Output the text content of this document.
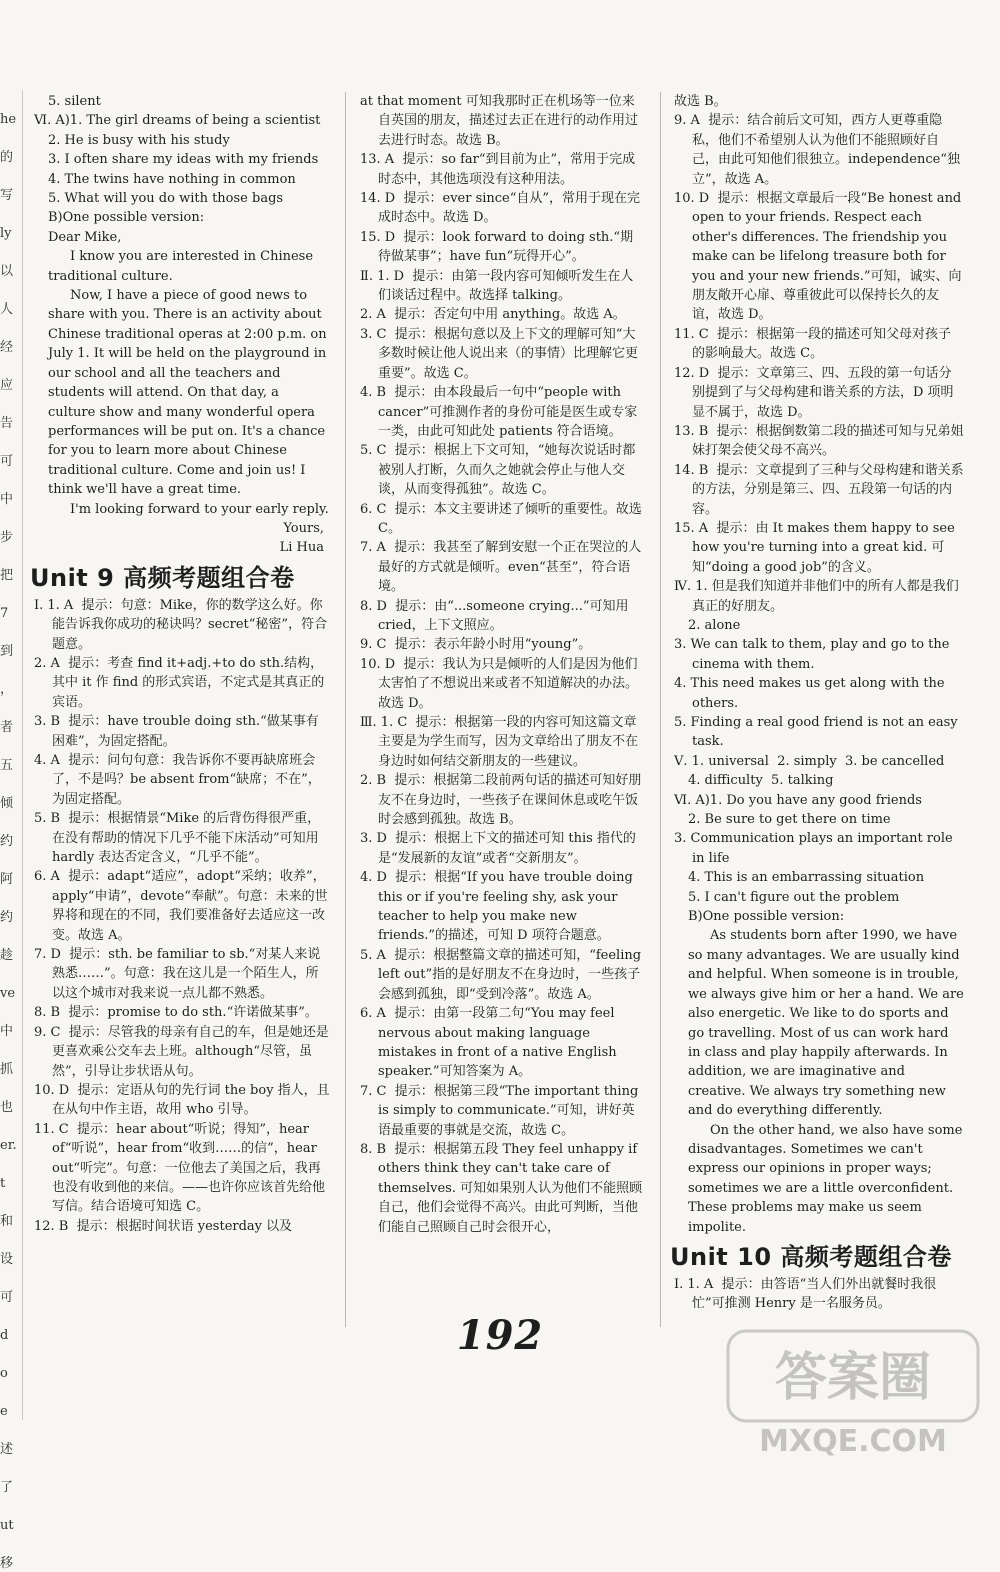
he
的
写
ly
以
人
经
应
告
可
中
步
把
7
到
，
者
五
倾
约
阿
约
趁
ve
中
抓
也
er.
t
和
设
可
d
o
e
述
了
ut
移

5. silent

Ⅵ. A)1. The girl dreams of being a scientist

2. He is busy with his study

3. I often share my ideas with my friends

4. The twins have nothing in common

5. What will you do with those bags

B)One possible version:

Dear Mike,

I know you are interested in Chinese traditional culture.

Now, I have a piece of good news to share with you. There is an activity about Chinese traditional operas at 2:00 p.m. on July 1. It will be held on the playground in our school and all the teachers and students will attend. On that day, a culture show and many wonderful opera performances will be put on. It's a chance for you to learn more about Chinese traditional culture. Come and join us! I think we'll have a great time.

I'm looking forward to your early reply.

Yours,

Li Hua

Unit 9 高频考题组合卷

Ⅰ. 1. A  提示：句意：Mike，你的数学这么好。你能告诉我你成功的秘诀吗？secret“秘密”，符合题意。

2. A  提示：考查 find it+adj.+to do sth.结构，其中 it 作 find 的形式宾语，不定式是其真正的宾语。

3. B  提示：have trouble doing sth.“做某事有困难”，为固定搭配。

4. A  提示：问句句意：我告诉你不要再缺席班会了，不是吗？be absent from“缺席；不在”，为固定搭配。

5. B  提示：根据情景“Mike 的后背伤得很严重，在没有帮助的情况下几乎不能下床活动”可知用 hardly 表达否定含义，“几乎不能”。

6. A  提示：adapt“适应”，adopt“采纳；收养”，apply“申请”，devote“奉献”。句意：未来的世界将和现在的不同，我们要准备好去适应这一改变。故选 A。

7. D  提示：sth. be familiar to sb.“对某人来说熟悉……”。句意：我在这儿是一个陌生人，所以这个城市对我来说一点儿都不熟悉。

8. B  提示：promise to do sth.“许诺做某事”。

9. C  提示：尽管我的母亲有自己的车，但是她还是更喜欢乘公交车去上班。although“尽管，虽然”，引导让步状语从句。

10. D  提示：定语从句的先行词 the boy 指人，且在从句中作主语，故用 who 引导。

11. C  提示：hear about“听说；得知”，hear of“听说”，hear from“收到……的信”，hear out“听完”。句意：一位他去了美国之后，我再也没有收到他的来信。——也许你应该首先给他写信。结合语境可知选 C。

12. B  提示：根据时间状语 yesterday 以及

at that moment 可知我那时正在机场等一位来自英国的朋友，描述过去正在进行的动作用过去进行时态。故选 B。

13. A  提示：so far“到目前为止”，常用于完成时态中，其他选项没有这种用法。

14. D  提示：ever since“自从”，常用于现在完成时态中。故选 D。

15. D  提示：look forward to doing sth.“期待做某事”；have fun“玩得开心”。

Ⅱ. 1. D  提示：由第一段内容可知倾听发生在人们谈话过程中。故选择 talking。

2. A  提示：否定句中用 anything。故选 A。

3. C  提示：根据句意以及上下文的理解可知“大多数时候让他人说出来（的事情）比理解它更重要”。故选 C。

4. B  提示：由本段最后一句中“people with cancer”可推测作者的身份可能是医生或专家一类，由此可知此处 patients 符合语境。

5. C  提示：根据上下文可知，“她每次说话时都被别人打断，久而久之她就会停止与他人交谈，从而变得孤独”。故选 C。

6. C  提示：本文主要讲述了倾听的重要性。故选 C。

7. A  提示：我甚至了解到安慰一个正在哭泣的人最好的方式就是倾听。even“甚至”，符合语境。

8. D  提示：由“...someone crying...”可知用 cried，上下文照应。

9. C  提示：表示年龄小时用“young”。

10. D  提示：我认为只是倾听的人们是因为他们太害怕了不想说出来或者不知道解决的办法。故选 D。

Ⅲ. 1. C  提示：根据第一段的内容可知这篇文章主要是为学生而写，因为文章给出了朋友不在身边时如何结交新朋友的一些建议。

2. B  提示：根据第二段前两句话的描述可知好朋友不在身边时，一些孩子在课间休息或吃午饭时会感到孤独。故选 B。

3. D  提示：根据上下文的描述可知 this 指代的是“发展新的友谊”或者“交新朋友”。

4. D  提示：根据“If you have trouble doing this or if you're feeling shy, ask your teacher to help you make new friends.”的描述，可知 D 项符合题意。

5. A  提示：根据整篇文章的描述可知，“feeling left out”指的是好朋友不在身边时，一些孩子会感到孤独，即“受到冷落”。故选 A。

6. A  提示：由第一段第二句“You may feel nervous about making language mistakes in front of a native English speaker.”可知答案为 A。

7. C  提示：根据第三段“The important thing is simply to communicate.”可知，讲好英语最重要的事就是交流，故选 C。

8. B  提示：根据第五段 They feel unhappy if others think they can't take care of themselves. 可知如果别人认为他们不能照顾自己，他们会觉得不高兴。由此可判断，当他们能自己照顾自己时会很开心，

故选 B。

9. A  提示：结合前后文可知，西方人更尊重隐私，他们不希望别人认为他们不能照顾好自己，由此可知他们很独立。independence“独立”，故选 A。

10. D  提示：根据文章最后一段“Be honest and open to your friends. Respect each other's differences. The friendship you make can be lifelong treasure both for you and your new friends.”可知，诚实、向朋友敞开心扉、尊重彼此可以保持长久的友谊，故选 D。

11. C  提示：根据第一段的描述可知父母对孩子的影响最大。故选 C。

12. D  提示：文章第三、四、五段的第一句话分别提到了与父母构建和谐关系的方法，D 项明显不属于，故选 D。

13. B  提示：根据倒数第二段的描述可知与兄弟姐妹打架会使父母不高兴。

14. B  提示：文章提到了三种与父母构建和谐关系的方法，分别是第三、四、五段第一句话的内容。

15. A  提示：由 It makes them happy to see how you're turning into a great kid. 可知“doing a good job”的含义。

Ⅳ. 1. 但是我们知道并非他们中的所有人都是我们真正的好朋友。

2. alone

3. We can talk to them, play and go to the cinema with them.

4. This need makes us get along with the others.

5. Finding a real good friend is not an easy task.

Ⅴ. 1. universal  2. simply  3. be cancelled

4. difficulty  5. talking

Ⅵ. A)1. Do you have any good friends

2. Be sure to get there on time

3. Communication plays an important role in life

4. This is an embarrassing situation

5. I can't figure out the problem

B)One possible version:

As students born after 1990, we have so many advantages. We are usually kind and helpful. When someone is in trouble, we always give him or her a hand. We are also energetic. We like to do sports and go travelling. Most of us can work hard in class and play happily afterwards. In addition, we are imaginative and creative. We always try something new and do everything differently.

On the other hand, we also have some disadvantages. Sometimes we can't express our opinions in proper ways; sometimes we are a little overconfident. These problems may make us seem impolite.

Unit 10 高频考题组合卷

Ⅰ. 1. A  提示：由答语“当人们外出就餐时我很忙”可推测 Henry 是一名服务员。

192
答案圈
MXQE.COM
